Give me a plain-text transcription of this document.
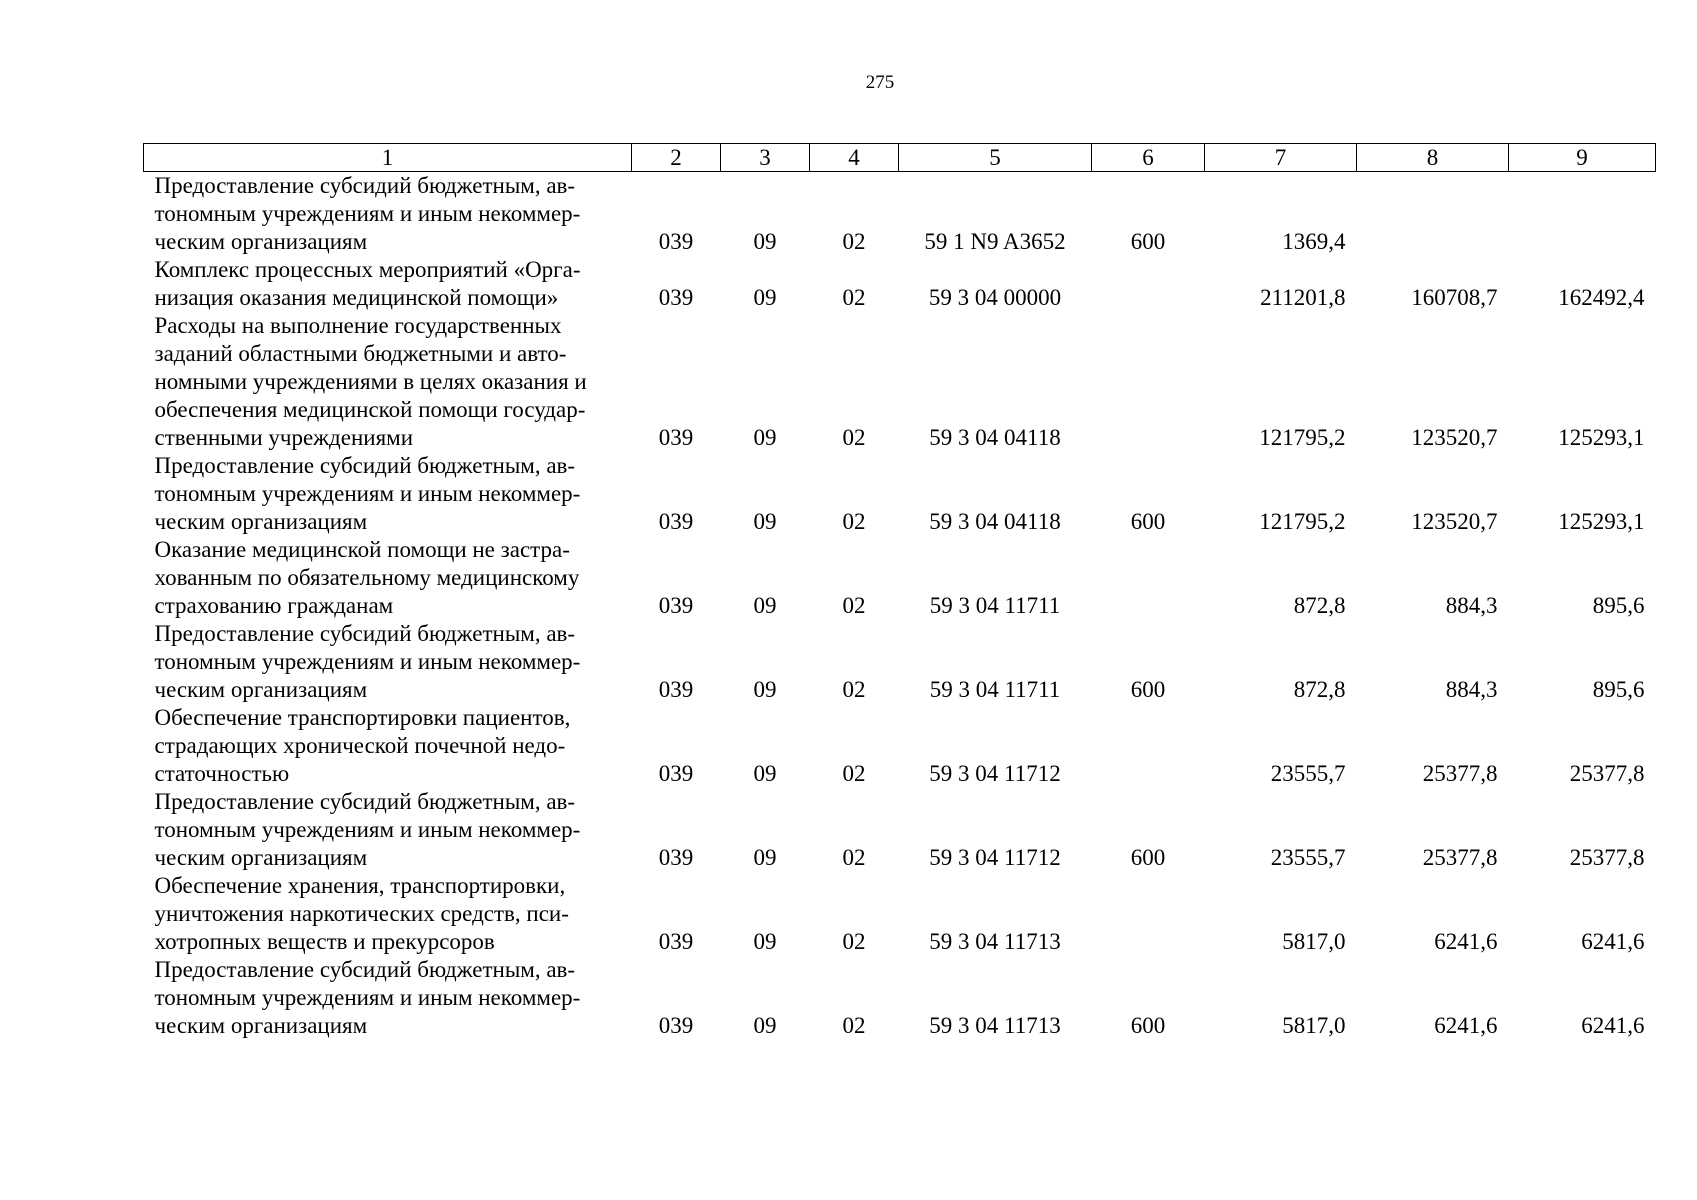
275
1	2	3	4	5	6	7	8	9

Предоставление субсидий бюджетным, ав-
тономным учреждениям и иным некоммер-
ческим организациям	039	09	02	59 1 N9 A3652	600	1369,4		

Комплекс процессных мероприятий «Орга-
низация оказания медицинской помощи»	039	09	02	59 3 04 00000		211201,8	160708,7	162492,4

Расходы на выполнение государственных
заданий областными бюджетными и авто-
номными учреждениями в целях оказания и
обеспечения медицинской помощи государ-
ственными учреждениями	039	09	02	59 3 04 04118		121795,2	123520,7	125293,1

Предоставление субсидий бюджетным, ав-
тономным учреждениям и иным некоммер-
ческим организациям	039	09	02	59 3 04 04118	600	121795,2	123520,7	125293,1

Оказание медицинской помощи не застра-
хованным по обязательному медицинскому
страхованию гражданам	039	09	02	59 3 04 11711		872,8	884,3	895,6

Предоставление субсидий бюджетным, ав-
тономным учреждениям и иным некоммер-
ческим организациям	039	09	02	59 3 04 11711	600	872,8	884,3	895,6

Обеспечение транспортировки пациентов,
страдающих хронической почечной недо-
статочностью	039	09	02	59 3 04 11712		23555,7	25377,8	25377,8

Предоставление субсидий бюджетным, ав-
тономным учреждениям и иным некоммер-
ческим организациям	039	09	02	59 3 04 11712	600	23555,7	25377,8	25377,8

Обеспечение хранения, транспортировки,
уничтожения наркотических средств, пси-
хотропных веществ и прекурсоров	039	09	02	59 3 04 11713		5817,0	6241,6	6241,6

Предоставление субсидий бюджетным, ав-
тономным учреждениям и иным некоммер-
ческим организациям	039	09	02	59 3 04 11713	600	5817,0	6241,6	6241,6
